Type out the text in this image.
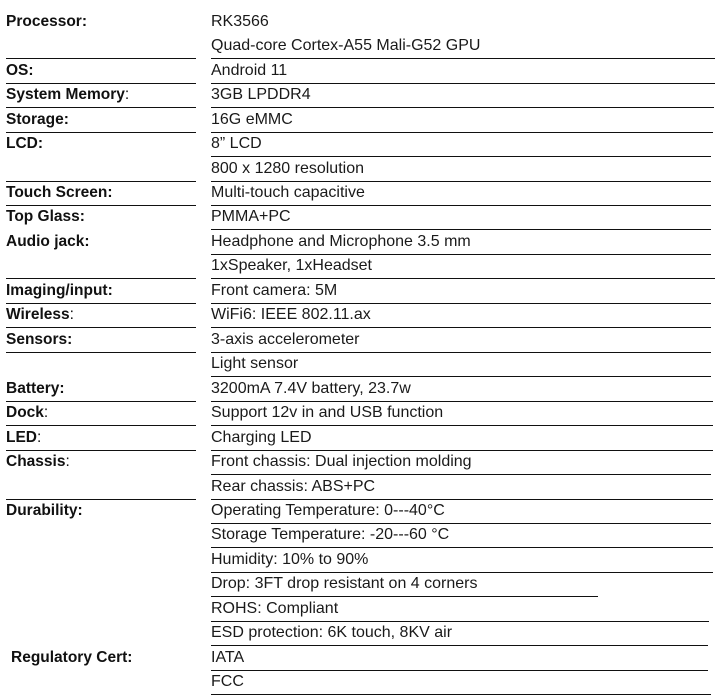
Processor:	RK3566
Quad-core Cortex-A55 Mali-G52 GPU
OS:	Android 11
System Memory:	3GB LPDDR4
Storage:	16G eMMC
LCD:	8” LCD
800 x 1280 resolution
Touch Screen:	Multi-touch capacitive
Top Glass:	PMMA+PC
Audio jack:	Headphone and Microphone 3.5 mm
1xSpeaker, 1xHeadset
Imaging/input:	Front camera: 5M
Wireless:	WiFi6: IEEE 802.11.ax
Sensors:	3-axis accelerometer
Light sensor
Battery:	3200mA 7.4V battery, 23.7w
Dock:	Support 12v in and USB function
LED:	Charging LED
Chassis:	Front chassis: Dual injection molding
Rear chassis: ABS+PC
Durability:	Operating Temperature: 0---40°C
Storage Temperature: -20---60 °C
Humidity: 10% to 90%
Drop: 3FT drop resistant on 4 corners
ROHS: Compliant
ESD protection: 6K touch, 8KV air
Regulatory Cert:	IATA
FCC
